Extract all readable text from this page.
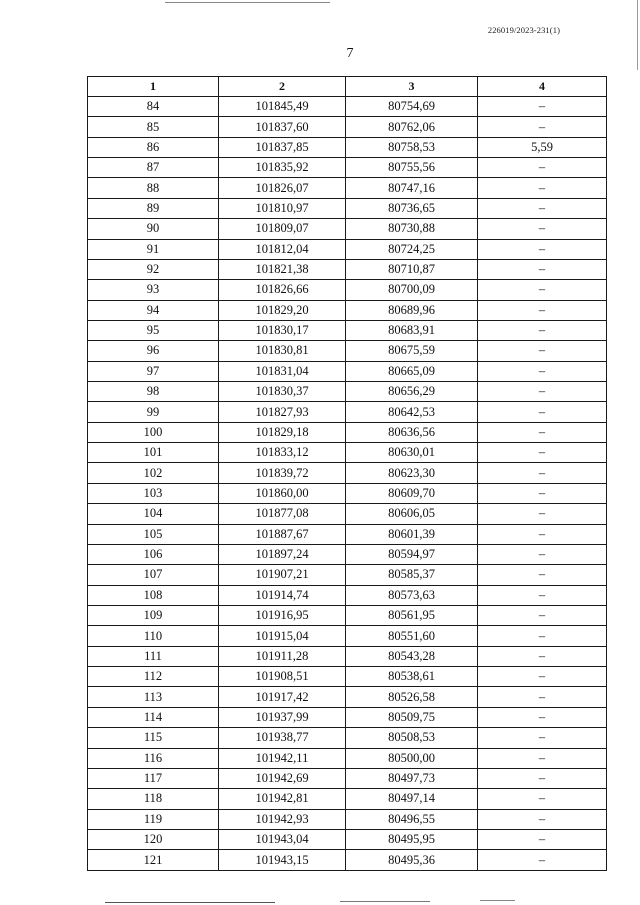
226019/2023-231(1)
7
1	2	3	4
84	101845,49	80754,69	–
85	101837,60	80762,06	–
86	101837,85	80758,53	5,59
87	101835,92	80755,56	–
88	101826,07	80747,16	–
89	101810,97	80736,65	–
90	101809,07	80730,88	–
91	101812,04	80724,25	–
92	101821,38	80710,87	–
93	101826,66	80700,09	–
94	101829,20	80689,96	–
95	101830,17	80683,91	–
96	101830,81	80675,59	–
97	101831,04	80665,09	–
98	101830,37	80656,29	–
99	101827,93	80642,53	–
100	101829,18	80636,56	–
101	101833,12	80630,01	–
102	101839,72	80623,30	–
103	101860,00	80609,70	–
104	101877,08	80606,05	–
105	101887,67	80601,39	–
106	101897,24	80594,97	–
107	101907,21	80585,37	–
108	101914,74	80573,63	–
109	101916,95	80561,95	–
110	101915,04	80551,60	–
111	101911,28	80543,28	–
112	101908,51	80538,61	–
113	101917,42	80526,58	–
114	101937,99	80509,75	–
115	101938,77	80508,53	–
116	101942,11	80500,00	–
117	101942,69	80497,73	–
118	101942,81	80497,14	–
119	101942,93	80496,55	–
120	101943,04	80495,95	–
121	101943,15	80495,36	–
